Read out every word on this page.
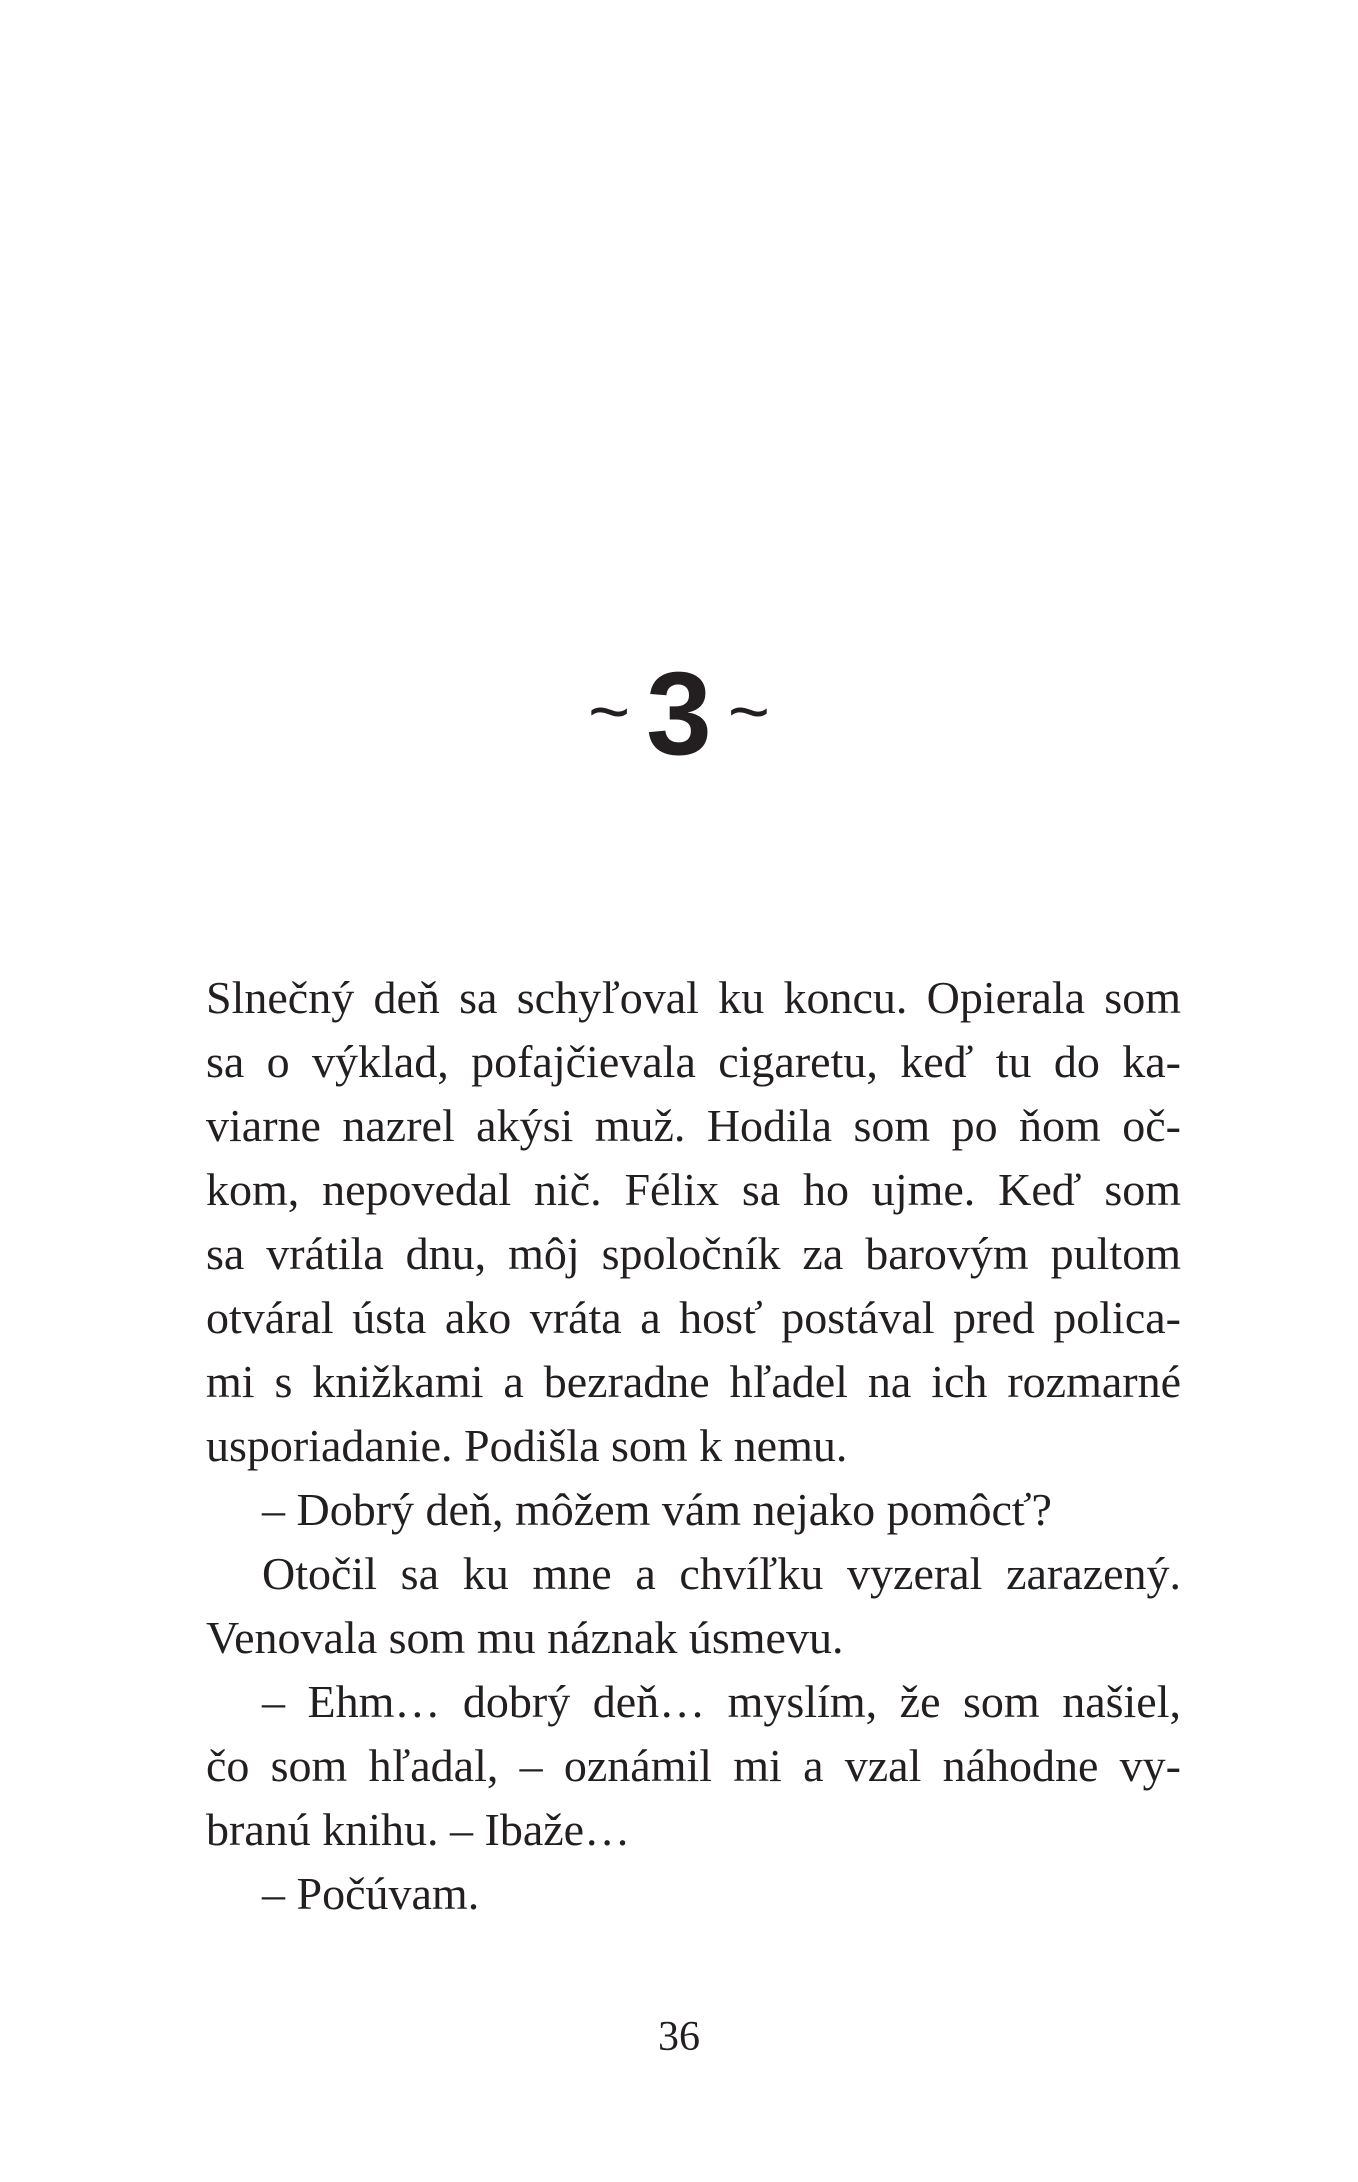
~ 3 ~
Slnečný deň sa schyľoval ku koncu. Opierala som
sa o výklad, pofajčievala cigaretu, keď tu do ka-
viarne nazrel akýsi muž. Hodila som po ňom oč-
kom, nepovedal nič. Félix sa ho ujme. Keď som
sa vrátila dnu, môj spoločník za barovým pultom
otváral ústa ako vráta a hosť postával pred polica-
mi s knižkami a bezradne hľadel na ich rozmarné
usporiadanie. Podišla som k nemu.
– Dobrý deň, môžem vám nejako pomôcť?
Otočil sa ku mne a chvíľku vyzeral zarazený.
Venovala som mu náznak úsmevu.
– Ehm… dobrý deň… myslím, že som našiel,
čo som hľadal, – oznámil mi a vzal náhodne vy-
branú knihu. – Ibaže…
– Počúvam.
36
